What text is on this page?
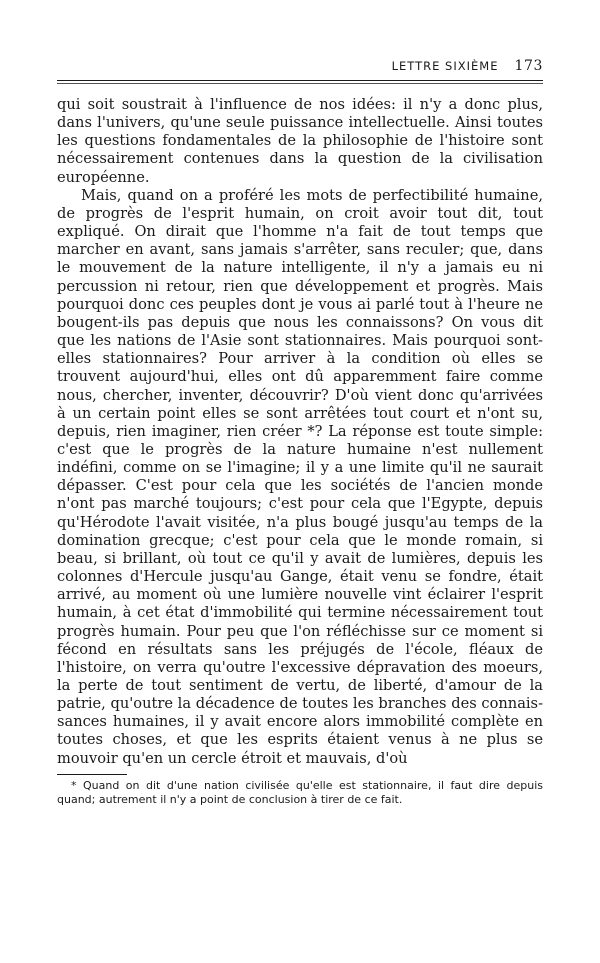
LETTRE SIXIÈME 173

qui soit soustrait à l'influence de nos idées: il n'y a donc plus, dans l'univers, qu'une seule puissance intellectuelle. Ainsi toutes les questions fondamentales de la philosophie de l'histoire sont nécessairement contenues dans la question de la civilisation européenne.

Mais, quand on a proféré les mots de perfectibilité humaine, de progrès de l'esprit humain, on croit avoir tout dit, tout expliqué. On dirait que l'homme n'a fait de tout temps que marcher en avant, sans jamais s'arrêter, sans reculer; que, dans le mouvement de la nature intelligente, il n'y a jamais eu ni percussion ni retour, rien que développement et progrès. Mais pourquoi donc ces peuples dont je vous ai parlé tout à l'heure ne bougent-ils pas depuis que nous les connaissons? On vous dit que les nations de l'Asie sont stationnaires. Mais pourquoi sont-elles stationnaires? Pour arriver à la condition où elles se trouvent aujourd'hui, elles ont dû apparemment faire comme nous, chercher, inventer, découvrir? D'où vient donc qu'arrivées à un certain point elles se sont arrêtées tout court et n'ont su, depuis, rien imaginer, rien créer *? La réponse est toute simple: c'est que le progrès de la nature humaine n'est nullement indéfini, comme on se l'imagine; il y a une limite qu'il ne saurait dépasser. C'est pour cela que les sociétés de l'ancien monde n'ont pas marché toujours; c'est pour cela que l'Egypte, depuis qu'Hérodote l'avait visitée, n'a plus bougé jusqu'au temps de la domination grecque; c'est pour cela que le monde romain, si beau, si brillant, où tout ce qu'il y avait de lumières, depuis les colonnes d'Hercule jusqu'au Gange, était venu se fondre, était arrivé, au moment où une lumière nouvelle vint éclairer l'esprit humain, à cet état d'immobilité qui termine nécessairement tout progrès humain. Pour peu que l'on réfléchisse sur ce moment si fécond en résultats sans les préjugés de l'école, fléaux de l'histoire, on verra qu'outre l'excessive dépravation des moeurs, la perte de tout sentiment de vertu, de liberté, d'amour de la patrie, qu'outre la décadence de toutes les branches des connaissances humaines, il y avait encore alors immobilité complète en toutes choses, et que les esprits étaient venus à ne plus se mouvoir qu'en un cercle étroit et mauvais, d'où

* Quand on dit d'une nation civilisée qu'elle est stationnaire, il faut dire depuis quand; autrement il n'y a point de conclusion à tirer de ce fait.
